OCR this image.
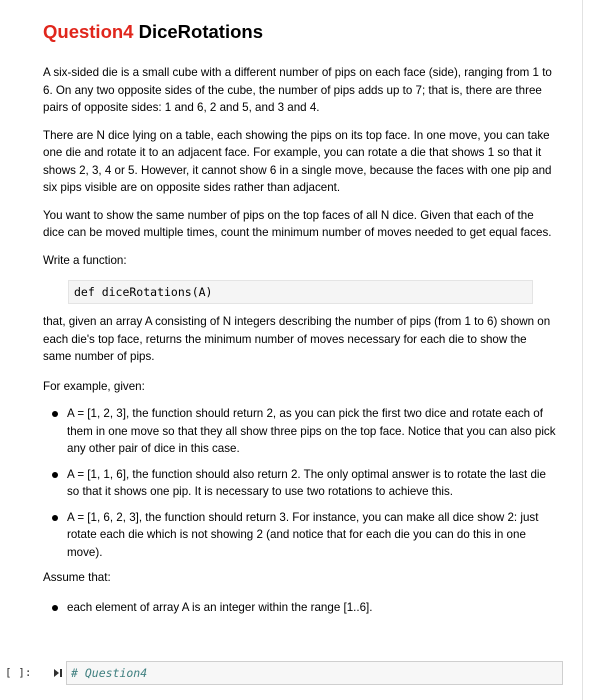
Question4 DiceRotations

A six-sided die is a small cube with a different number of pips on each face (side), ranging from 1 to 6. On any two opposite sides of the cube, the number of pips adds up to 7; that is, there are three pairs of opposite sides: 1 and 6, 2 and 5, and 3 and 4.

There are N dice lying on a table, each showing the pips on its top face. In one move, you can take one die and rotate it to an adjacent face. For example, you can rotate a die that shows 1 so that it shows 2, 3, 4 or 5. However, it cannot show 6 in a single move, because the faces with one pip and six pips visible are on opposite sides rather than adjacent.

You want to show the same number of pips on the top faces of all N dice. Given that each of the dice can be moved multiple times, count the minimum number of moves needed to get equal faces.

Write a function:

def diceRotations(A)

that, given an array A consisting of N integers describing the number of pips (from 1 to 6) shown on each die's top face, returns the minimum number of moves necessary for each die to show the same number of pips.

For example, given:

A = [1, 2, 3], the function should return 2, as you can pick the first two dice and rotate each of them in one move so that they all show three pips on the top face. Notice that you can also pick any other pair of dice in this case.
A = [1, 1, 6], the function should also return 2. The only optimal answer is to rotate the last die so that it shows one pip. It is necessary to use two rotations to achieve this.
A = [1, 6, 2, 3], the function should return 3. For instance, you can make all dice show 2: just rotate each die which is not showing 2 (and notice that for each die you can do this in one move).

Assume that:

each element of array A is an integer within the range [1..6].
[ ]:	# Question4
